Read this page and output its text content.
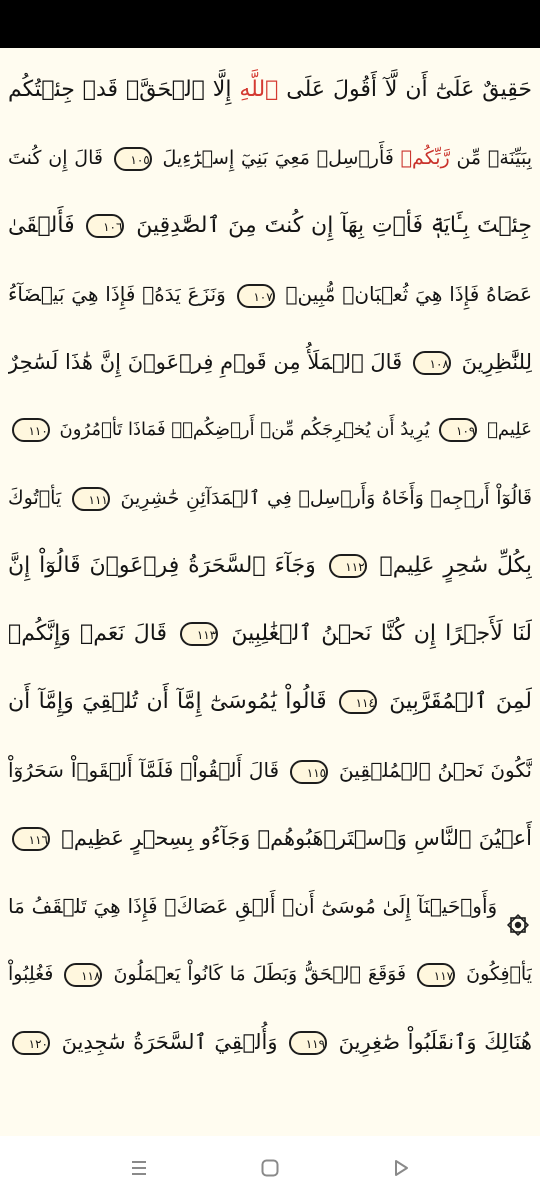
حَقِيقٌ عَلَىٰٓ أَن لَّآ أَقُولَ عَلَى ٱللَّهِ إِلَّا ٱلۡحَقَّۚ قَدۡ جِئۡتُكُم
بِبَيِّنَةٖ مِّن رَّبِّكُمۡ فَأَرۡسِلۡ مَعِيَ بَنِيٓ إِسۡرَٰٓءِيلَ ١٠٥ قَالَ إِن كُنتَ
جِئۡتَ بِـَٔايَةٖ فَأۡتِ بِهَآ إِن كُنتَ مِنَ ٱلصَّٰدِقِينَ ١٠٦ فَأَلۡقَىٰ
عَصَاهُ فَإِذَا هِيَ ثُعۡبَانٞ مُّبِينٞ ١٠٧ وَنَزَعَ يَدَهُۥ فَإِذَا هِيَ بَيۡضَآءُ
لِلنَّٰظِرِينَ ١٠٨ قَالَ ٱلۡمَلَأُ مِن قَوۡمِ فِرۡعَوۡنَ إِنَّ هَٰذَا لَسَٰحِرٌ
عَلِيمٞ ١٠٩ يُرِيدُ أَن يُخۡرِجَكُم مِّنۡ أَرۡضِكُمۡۖ فَمَاذَا تَأۡمُرُونَ ١١٠
قَالُوٓاْ أَرۡجِهۡ وَأَخَاهُ وَأَرۡسِلۡ فِي ٱلۡمَدَآئِنِ حَٰشِرِينَ ١١١ يَأۡتُوكَ
بِكُلِّ سَٰحِرٍ عَلِيمٖ ١١٢ وَجَآءَ ٱلسَّحَرَةُ فِرۡعَوۡنَ قَالُوٓاْ إِنَّ
لَنَا لَأَجۡرًا إِن كُنَّا نَحۡنُ ٱلۡغَٰلِبِينَ ١١٣ قَالَ نَعَمۡ وَإِنَّكُمۡ
لَمِنَ ٱلۡمُقَرَّبِينَ ١١٤ قَالُواْ يَٰمُوسَىٰٓ إِمَّآ أَن تُلۡقِيَ وَإِمَّآ أَن
نَّكُونَ نَحۡنُ ٱلۡمُلۡقِينَ ١١٥ قَالَ أَلۡقُواْۖ فَلَمَّآ أَلۡقَوۡاْ سَحَرُوٓاْ
أَعۡيُنَ ٱلنَّاسِ وَٱسۡتَرۡهَبُوهُمۡ وَجَآءُو بِسِحۡرٍ عَظِيمٖ ١١٦
وَأَوۡحَيۡنَآ إِلَىٰ مُوسَىٰٓ أَنۡ أَلۡقِ عَصَاكَۖ فَإِذَا هِيَ تَلۡقَفُ مَا
يَأۡفِكُونَ ١١٧ فَوَقَعَ ٱلۡحَقُّ وَبَطَلَ مَا كَانُواْ يَعۡمَلُونَ ١١٨ فَغُلِبُواْ
هُنَالِكَ وَٱنقَلَبُواْ صَٰغِرِينَ ١١٩ وَأُلۡقِيَ ٱلسَّحَرَةُ سَٰجِدِينَ ١٢٠
